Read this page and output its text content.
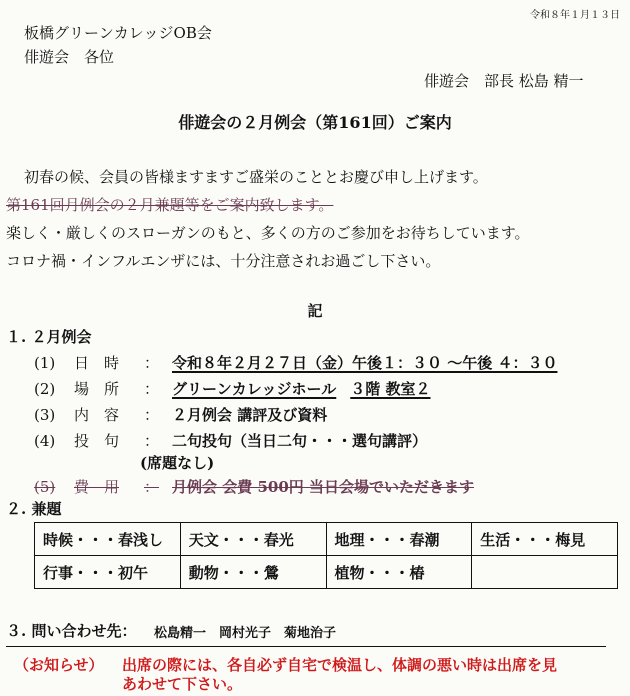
令和８年１月１３日
板橋グリーンカレッジOB会
俳遊会　各位
俳遊会　部長 松島 精一
俳遊会の２月例会（第161回）ご案内
初春の候、会員の皆様ますますご盛栄のこととお慶び申し上げます。
第161回月例会の２月兼題等をご案内致します。
楽しく・厳しくのスローガンのもと、多くの方のご参加をお待ちしています。
コロナ禍・インフルエンザには、十分注意されお過ごし下さい。
記
１. ２月例会
(1)	日　時	： 令和８年２月２７日（金）午後１：３０ ～午後 ４：３０
(2)	場　所	： グリーンカレッジホール ３階 教室２
(3)	内　容	： ２月例会 講評及び資料
(4)	投　句	： 二句投句（当日二句・・・選句講評）
(席題なし)
(5)	費　用	： 月例会 会費 500円 当日会場でいただきます
２. 兼題
時候・・・春浅し	天文・・・春光	地理・・・春潮	生活・・・梅見
行事・・・初午	動物・・・鶯	植物・・・椿	
３. 問い合わせ先： 松島精一　岡村光子　菊地治子
（お知らせ） 出席の際には、各自必ず自宅で検温し、体調の悪い時は出席を見
あわせて下さい。
